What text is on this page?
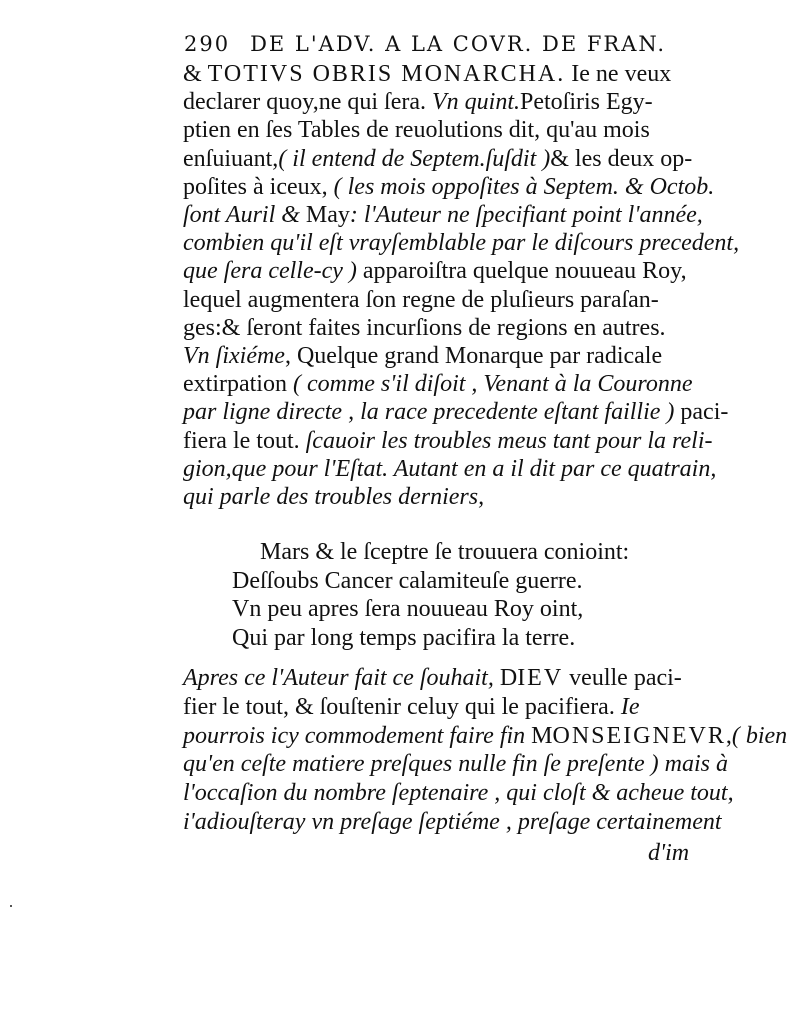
290 DE L'ADV. A LA COVR. DE FRAN.
& TOTIVS OBRIS MONARCHA. Ie ne veux
declarer quoy,ne qui ſera. Vn quint.Petoſiris Egy-
ptien en ſes Tables de reuolutions dit, qu'au mois
enſuiuant,( il entend de Septem.ſuſdit )& les deux op-
poſites à iceux, ( les mois oppoſites à Septem. & Octob.
ſont Auril & May: l'Auteur ne ſpecifiant point l'année,
combien qu'il eſt vrayſemblable par le diſcours precedent,
que ſera celle-cy ) apparoiſtra quelque nouueau Roy,
lequel augmentera ſon regne de pluſieurs paraſan-
ges:& ſeront faites incurſions de regions en autres.
Vn ſixiéme, Quelque grand Monarque par radicale
extirpation ( comme s'il diſoit , Venant à la Couronne
par ligne directe , la race precedente eſtant faillie ) paci-
fiera le tout. ſcauoir les troubles meus tant pour la reli-
gion,que pour l'Eſtat. Autant en a il dit par ce quatrain,
qui parle des troubles derniers,
Mars & le ſceptre ſe trouuera conioint:
Deſſoubs Cancer calamiteuſe guerre.
Vn peu apres ſera nouueau Roy oint,
Qui par long temps pacifira la terre.
Apres ce l'Auteur fait ce ſouhait, DIEV veulle paci-
fier le tout, & ſouſtenir celuy qui le pacifiera. Ie
pourrois icy commodement faire fin MONSEIGNEVR,( bien
qu'en ceſte matiere preſques nulle fin ſe preſente ) mais à
l'occaſion du nombre ſeptenaire , qui cloſt & acheue tout,
i'adiouſteray vn preſage ſeptiéme , preſage certainement
d'im
